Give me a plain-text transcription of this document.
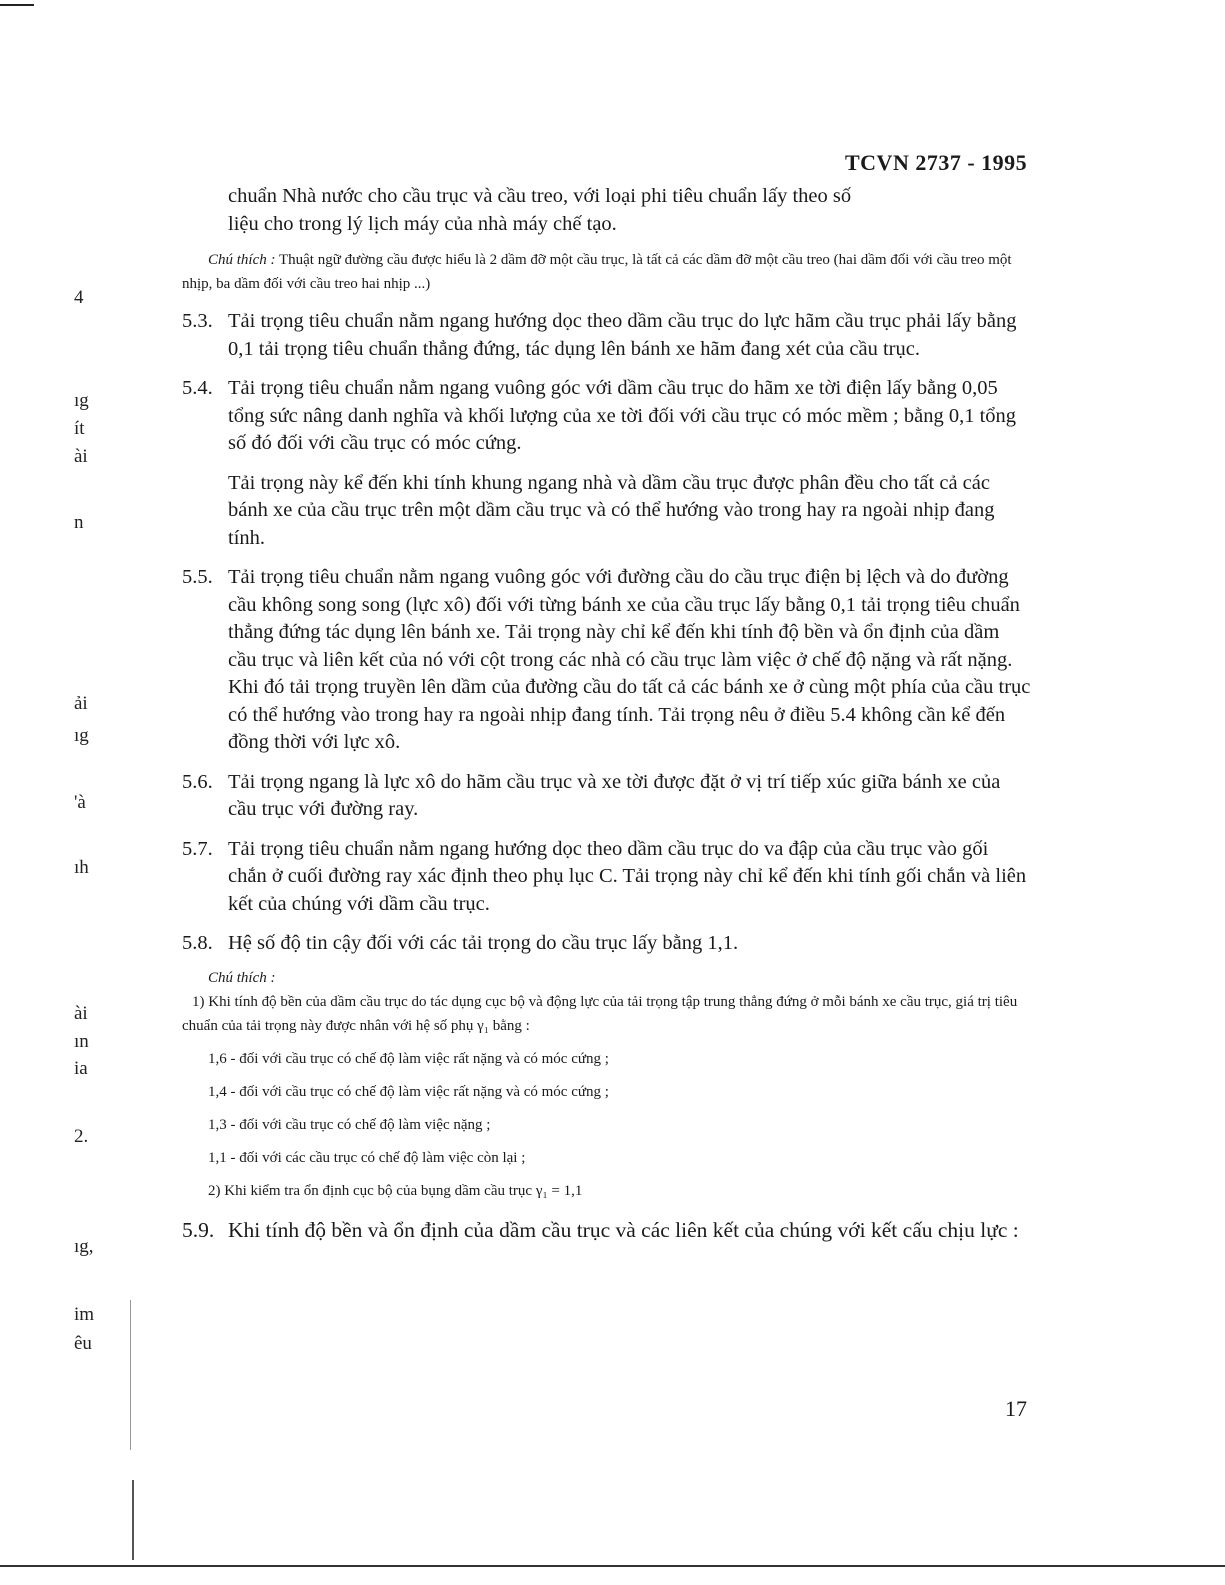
TCVN 2737 - 1995

chuẩn Nhà nước cho cầu trục và cầu treo, với loại phi tiêu chuẩn lấy theo số

liệu cho trong lý lịch máy của nhà máy chế tạo.

Chú thích : Thuật ngữ đường cầu được hiểu là 2 dầm đỡ một cầu trục, là tất cả các dầm đỡ một cầu treo (hai dầm đối với cầu treo một nhịp, ba dầm đối với cầu treo hai nhịp ...)

5.3. Tải trọng tiêu chuẩn nằm ngang hướng dọc theo dầm cầu trục do lực hãm cầu trục phải lấy bằng 0,1 tải trọng tiêu chuẩn thẳng đứng, tác dụng lên bánh xe hãm đang xét của cầu trục.

5.4. Tải trọng tiêu chuẩn nằm ngang vuông góc với dầm cầu trục do hãm xe tời điện lấy bằng 0,05 tổng sức nâng danh nghĩa và khối lượng của xe tời đối với cầu trục có móc mềm ; bằng 0,1 tổng số đó đối với cầu trục có móc cứng.

Tải trọng này kể đến khi tính khung ngang nhà và dầm cầu trục được phân đều cho tất cả các bánh xe của cầu trục trên một dầm cầu trục và có thể hướng vào trong hay ra ngoài nhịp đang tính.

5.5. Tải trọng tiêu chuẩn nằm ngang vuông góc với đường cầu do cầu trục điện bị lệch và do đường cầu không song song (lực xô) đối với từng bánh xe của cầu trục lấy bằng 0,1 tải trọng tiêu chuẩn thẳng đứng tác dụng lên bánh xe. Tải trọng này chỉ kể đến khi tính độ bền và ổn định của dầm cầu trục và liên kết của nó với cột trong các nhà có cầu trục làm việc ở chế độ nặng và rất nặng. Khi đó tải trọng truyền lên dầm của đường cầu do tất cả các bánh xe ở cùng một phía của cầu trục có thể hướng vào trong hay ra ngoài nhịp đang tính. Tải trọng nêu ở điều 5.4 không cần kể đến đồng thời với lực xô.

5.6. Tải trọng ngang là lực xô do hãm cầu trục và xe tời được đặt ở vị trí tiếp xúc giữa bánh xe của cầu trục với đường ray.

5.7. Tải trọng tiêu chuẩn nằm ngang hướng dọc theo dầm cầu trục do va đập của cầu trục vào gối chắn ở cuối đường ray xác định theo phụ lục C. Tải trọng này chỉ kể đến khi tính gối chắn và liên kết của chúng với dầm cầu trục.

5.8. Hệ số độ tin cậy đối với các tải trọng do cầu trục lấy bằng 1,1.

Chú thích :

1) Khi tính độ bền của dầm cầu trục do tác dụng cục bộ và động lực của tải trọng tập trung thẳng đứng ở mỗi bánh xe cầu trục, giá trị tiêu chuẩn của tải trọng này được nhân với hệ số phụ γ₁ bằng :

1,6 - đối với cầu trục có chế độ làm việc rất nặng và có móc cứng ;

1,4 - đối với cầu trục có chế độ làm việc rất nặng và có móc cứng ;

1,3 - đối với cầu trục có chế độ làm việc nặng ;

1,1 - đối với các cầu trục có chế độ làm việc còn lại ;

2) Khi kiểm tra ổn định cục bộ của bụng dầm cầu trục γ₁ = 1,1

5.9. Khi tính độ bền và ổn định của dầm cầu trục và các liên kết của chúng với kết cấu chịu lực :

17
4
ıg
ít
ài
n
ải
ıg
'à
ıh
ài
ın
ia
2.
ıg,
im
êu
